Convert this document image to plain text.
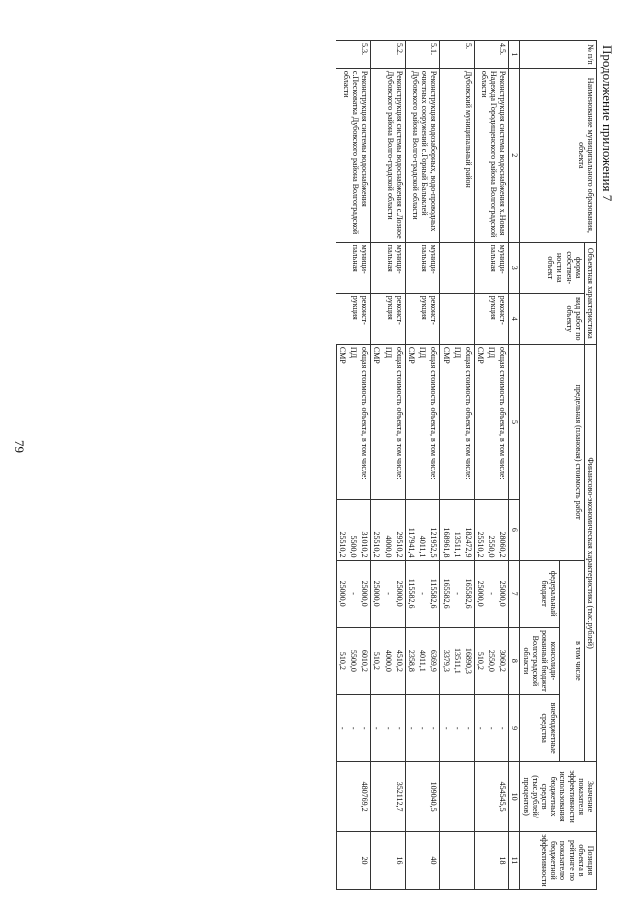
79
Продолжение приложения 7
№ п/п	Наименование муниципального образования, объекта	Объектная характеристика		Финансово-экономическая характеристика (тыс.рублей)					Значение показателя эффективности использования бюджетных средств (тыс.рублей/процентов)	Позиция объекта в рейтинге по показателю бюджетной эффективности
		форма собствен-ности на объект	вид работ по объекту	предельная (плановая) стоимость работ		в том числе				
						федеральный бюджет	консолиди-рованный бюджет Волгоградской области	внебюджетные средства		
1	2	3	4	5	6	7	8	9	10	11
4.5.	Реконструкция системы водоснабжения х.Новая Надежда Городищенского района Волгоградской области	муници-пальная	реконст-рукция	общая стоимость объекта, в том числе:	28060,2	25000,0	3060,2	-	454545,5	18
				ПД	2550,0	-	2550,0	-		
				СМР	25510,2	25000,0	510,2	-		
5.	Дубовский муниципальный район			общая стоимость объекта, в том числе:	182472,9	165582,6	16890,3	-		
				ПД	13511,1	-	13511,1	-		
				СМР	168961,8	165582,6	3379,3	-		
5.1.	Реконструкция водозаборных, водо-проводных очистных сооружений с.Горный Балыклей Дубовского района Волго-градской области	муници-пальная	реконст-рукция	общая стоимость объекта, в том числе:	121952,5	115582,6	6369,9	-	109040,5	40
				ПД	4011,1	-	4011,1	-		
				СМР	117941,4	115582,6	2358,8	-		
5.2.	Реконструкция системы водоснабжения с.Лозное Дубовского района Волго-градской области	муници-пальная	реконст-рукция	общая стоимость объекта, в том числе:	29510,2	25000,0	4510,2	-	352112,7	16
				ПД	4000,0	-	4000,0	-		
				СМР	25510,2	25000,0	510,2	-		
5.3.	Реконструкция системы водоснабжения с.Песковатка Дубовского района Волгоградской области	муници-пальная	реконст-рукция	общая стоимость объекта, в том числе:	31010,2	25000,0	6010,2	-	480769,2	20
				ПД	5500,0	-	5500,0	-		
				СМР	25510,2	25000,0	510,2	-		
